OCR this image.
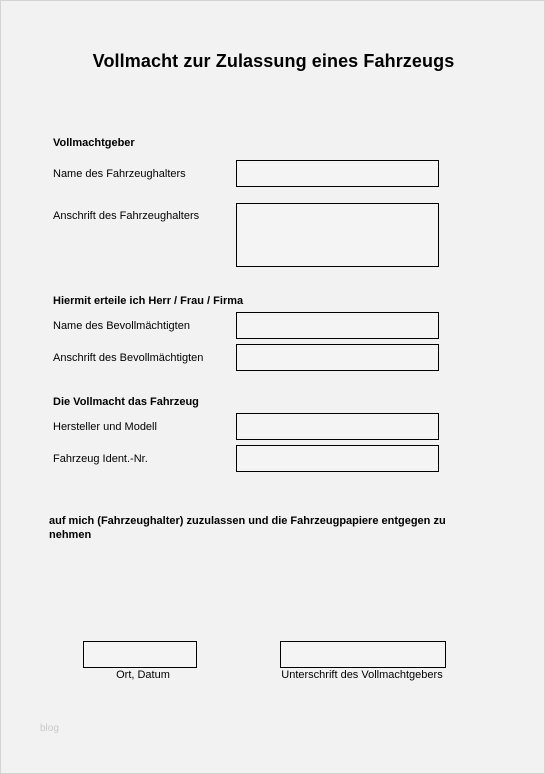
Vollmacht zur Zulassung eines Fahrzeugs
Vollmachtgeber
Name des Fahrzeughalters
Anschrift des Fahrzeughalters
Hiermit erteile ich Herr / Frau / Firma
Name des Bevollmächtigten
Anschrift des Bevollmächtigten
Die Vollmacht das Fahrzeug
Hersteller und Modell
Fahrzeug Ident.-Nr.
auf mich (Fahrzeughalter) zuzulassen und die Fahrzeugpapiere entgegen zu nehmen
Ort, Datum	Unterschrift des Vollmachtgebers
blog
